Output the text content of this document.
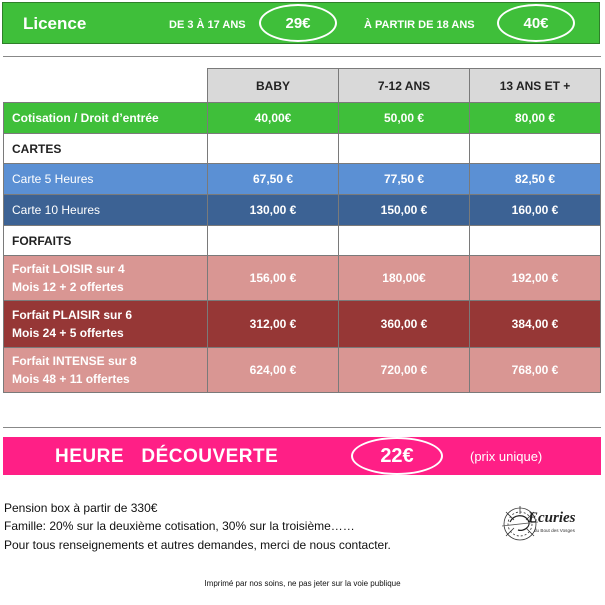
Licence	DE 3 À 17 ANS	29€	À PARTIR DE 18 ANS	40€
	BABY	7-12 ANS	13 ANS ET +
Cotisation / Droit d’entrée	40,00€	50,00 €	80,00 €
CARTES			
Carte 5 Heures	67,50 €	77,50 €	82,50 €
Carte 10 Heures	130,00 €	150,00 €	160,00 €
FORFAITS			

Forfait LOISIR sur 4
Mois 12 + 2 offertes	156,00 €	180,00€	192,00 €

Forfait PLAISIR sur 6
Mois 24 + 5 offertes	312,00 €	360,00 €	384,00 €

Forfait INTENSE sur 8
Mois 48 + 11 offertes	624,00 €	720,00 €	768,00 €
HEURE   DÉCOUVERTE	22€	(prix unique)
Pension box à partir de 330€
Famille: 20% sur la deuxième cotisation, 30% sur la troisième……
Pour tous renseignements et autres demandes, merci de nous contacter.
Ecuries
du Bout des Vosges
Imprimé par nos soins, ne pas jeter sur la voie publique
